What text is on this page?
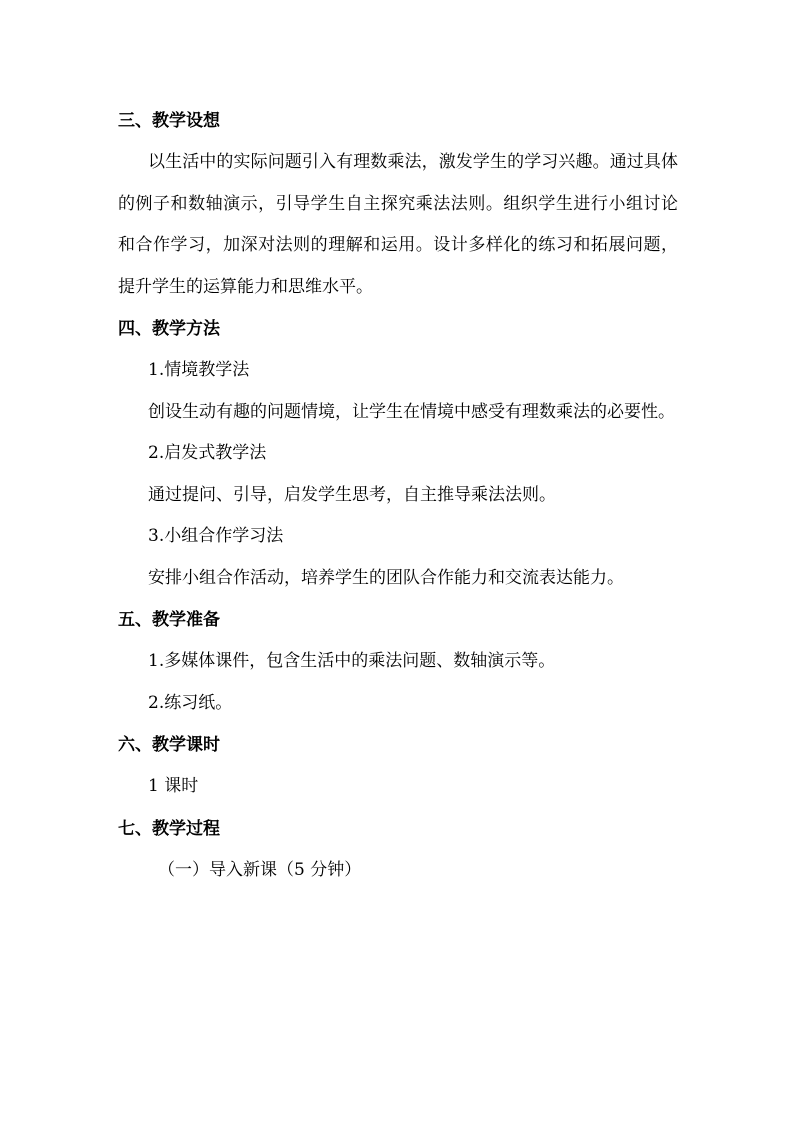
三、教学设想
以生活中的实际问题引入有理数乘法，激发学生的学习兴趣。通过具体的例子和数轴演示，引导学生自主探究乘法法则。组织学生进行小组讨论和合作学习，加深对法则的理解和运用。设计多样化的练习和拓展问题，提升学生的运算能力和思维水平。
四、教学方法
1.情境教学法
创设生动有趣的问题情境，让学生在情境中感受有理数乘法的必要性。
2.启发式教学法
通过提问、引导，启发学生思考，自主推导乘法法则。
3.小组合作学习法
安排小组合作活动，培养学生的团队合作能力和交流表达能力。
五、教学准备
1.多媒体课件，包含生活中的乘法问题、数轴演示等。
2.练习纸。
六、教学课时
1 课时
七、教学过程
（一）导入新课（5 分钟）
